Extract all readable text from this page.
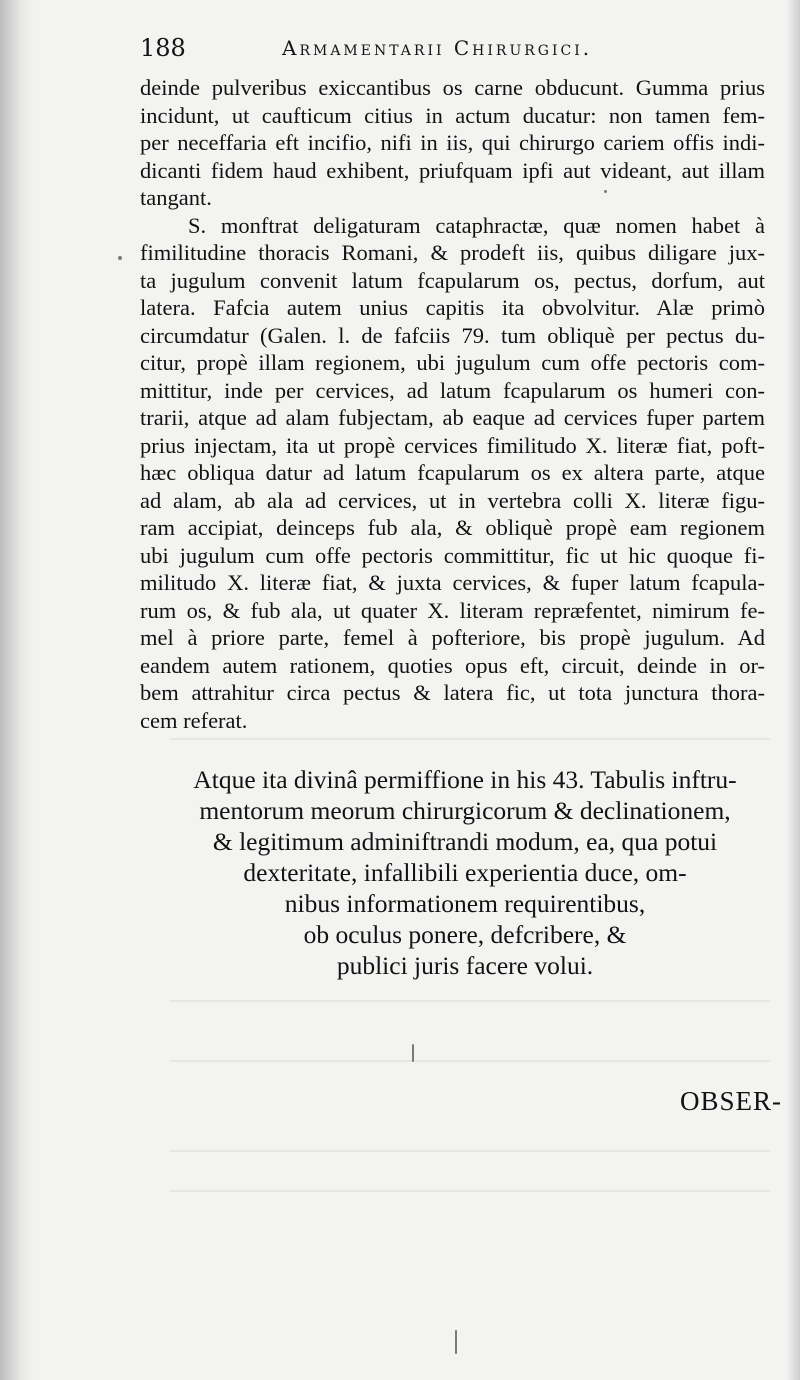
188	Armamentarii Chirurgici.
deinde pulveribus exiccantibus os carne obducunt. Gumma prius
incidunt, ut caufticum citius in actum ducatur: non tamen fem-
per neceffaria eft incifio, nifi in iis, qui chirurgo cariem offis indi-
dicanti fidem haud exhibent, priufquam ipfi aut videant, aut illam
tangant.
S. monftrat deligaturam cataphractæ, quæ nomen habet à
fimilitudine thoracis Romani, & prodeft iis, quibus diligare jux-
ta jugulum convenit latum fcapularum os, pectus, dorfum, aut
latera. Fafcia autem unius capitis ita obvolvitur. Alæ primò
circumdatur (Galen. l. de fafciis 79. tum obliquè per pectus du-
citur, propè illam regionem, ubi jugulum cum offe pectoris com-
mittitur, inde per cervices, ad latum fcapularum os humeri con-
trarii, atque ad alam fubjectam, ab eaque ad cervices fuper partem
prius injectam, ita ut propè cervices fimilitudo X. literæ fiat, poft-
hæc obliqua datur ad latum fcapularum os ex altera parte, atque
ad alam, ab ala ad cervices, ut in vertebra colli X. literæ figu-
ram accipiat, deinceps fub ala, & obliquè propè eam regionem
ubi jugulum cum offe pectoris committitur, fic ut hic quoque fi-
militudo X. literæ fiat, & juxta cervices, & fuper latum fcapula-
rum os, & fub ala, ut quater X. literam repræfentet, nimirum fe-
mel à priore parte, femel à pofteriore, bis propè jugulum. Ad
eandem autem rationem, quoties opus eft, circuit, deinde in or-
bem attrahitur circa pectus & latera fic, ut tota junctura thora-
cem referat.
Atque ita divinâ permiffione in his 43. Tabulis inftru-
mentorum meorum chirurgicorum & declinationem,
& legitimum adminiftrandi modum, ea, qua potui
dexteritate, infallibili experientia duce, om-
nibus informationem requirentibus,
ob oculus ponere, defcribere, &
publici juris facere volui.
OBSER-
